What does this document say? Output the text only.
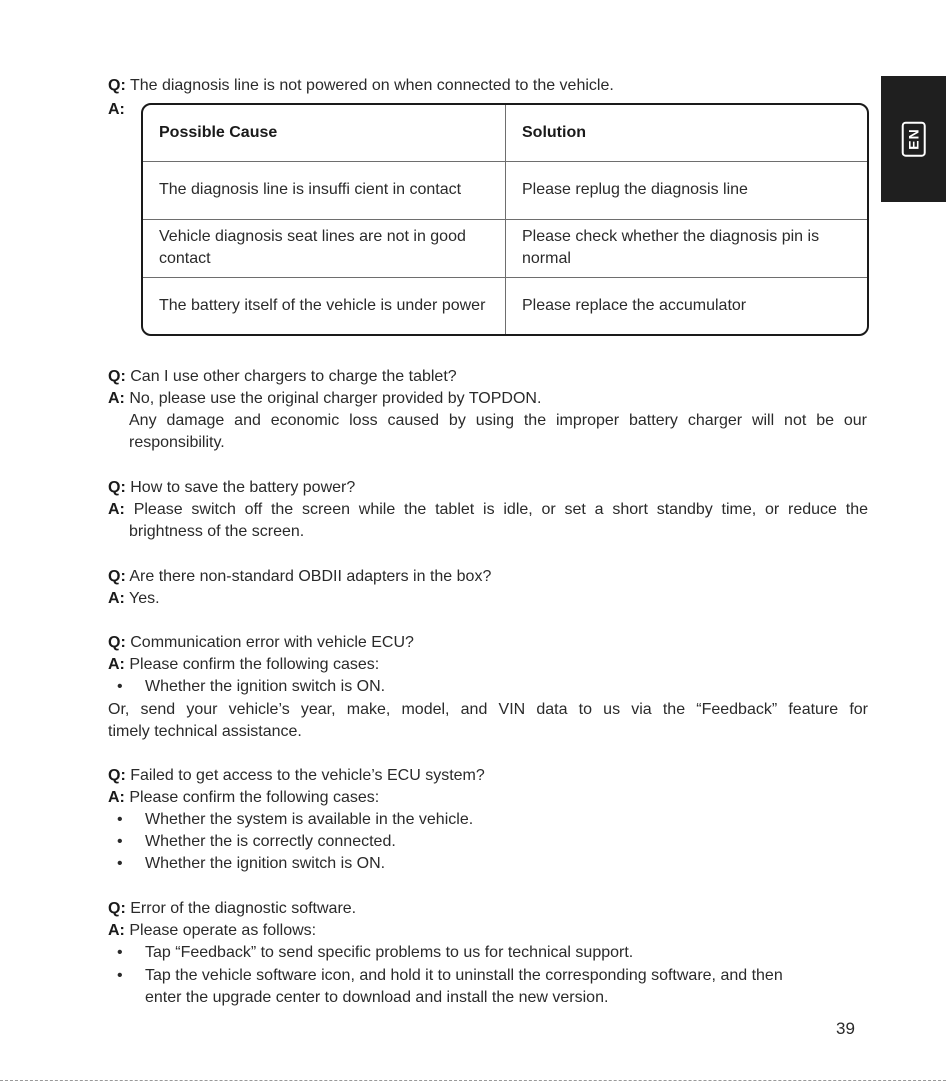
EN
Q: The diagnosis line is not powered on when connected to the vehicle.
A:
Possible Cause	Solution
The diagnosis line is insuffi cient in contact	Please replug the diagnosis line
Vehicle diagnosis seat lines are not in good contact	Please check whether the diagnosis pin is normal
The battery itself of the vehicle is under power	Please replace the accumulator
Q: Can I use other chargers to charge the tablet?
A: No, please use the original charger provided by TOPDON.
Any damage and economic loss caused by using the improper battery charger will not be our
responsibility.
Q: How to save the battery power?
A: Please switch off the screen while the tablet is idle, or set a short standby time, or reduce the
brightness of the screen.
Q: Are there non-standard OBDII adapters in the box?
A: Yes.
Q: Communication error with vehicle ECU?
A: Please confirm the following cases:
• Whether the ignition switch is ON.
Or, send your vehicle’s year, make, model, and VIN data to us via the “Feedback” feature for
timely technical assistance.
Q: Failed to get access to the vehicle’s ECU system?
A: Please confirm the following cases:
• Whether the system is available in the vehicle.
• Whether the is correctly connected.
• Whether the ignition switch is ON.
Q: Error of the diagnostic software.
A: Please operate as follows:
• Tap “Feedback” to send specific problems to us for technical support.
• Tap the vehicle software icon, and hold it to uninstall the corresponding software, and then
enter the upgrade center to download and install the new version.
39
